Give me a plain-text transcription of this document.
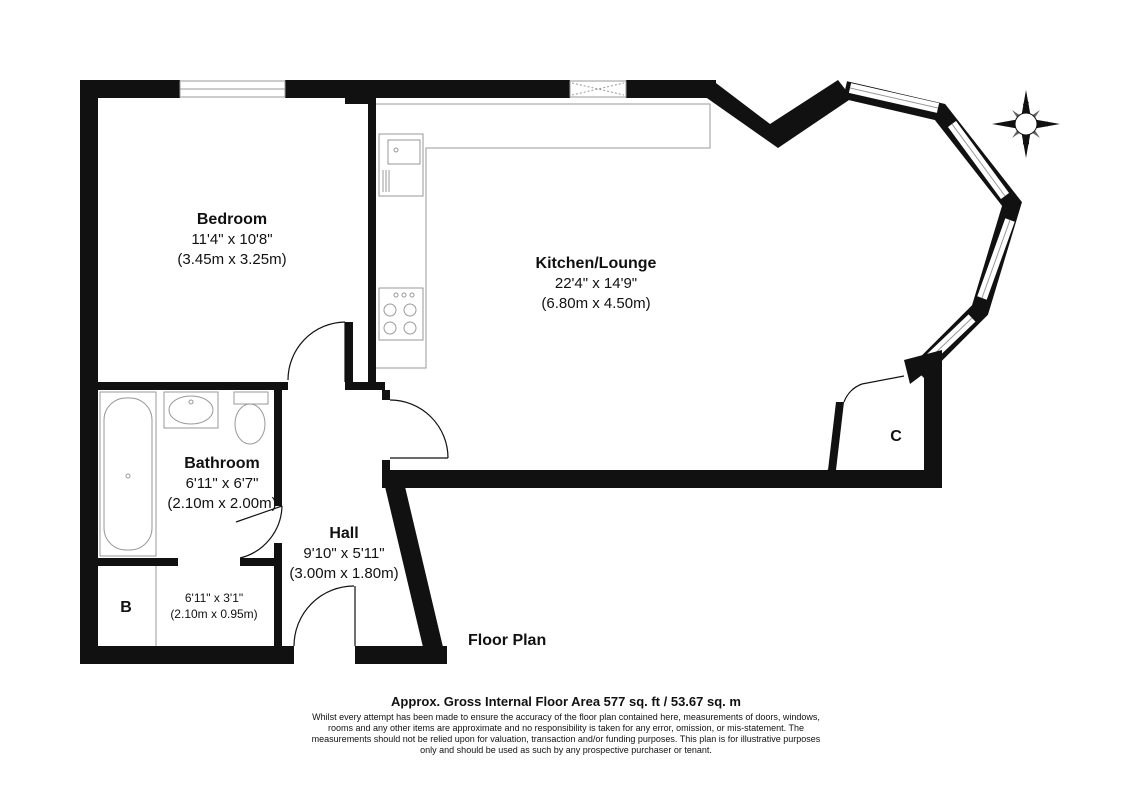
Bedroom
11'4" x 10'8"
(3.45m x 3.25m)	Kitchen/Lounge
22'4" x 14'9"
(6.80m x 4.50m)
Bathroom
6'11" x 6'7"
(2.10m x 2.00m)
Hall
9'10" x 5'11"
(3.00m x 1.80m)
6'11" x 3'1"
(2.10m x 0.95m)
B
C
Floor Plan
N
E
S
W
Approx. Gross Internal Floor Area 577 sq. ft / 53.67 sq. m
Whilst every attempt has been made to ensure the accuracy of the floor plan contained here, measurements of doors, windows,
rooms and any other items are approximate and no responsibility is taken for any error, omission, or mis-statement. The
measurements should not be relied upon for valuation, transaction and/or funding purposes. This plan is for illustrative purposes
only and should be used as such by any prospective purchaser or tenant.
